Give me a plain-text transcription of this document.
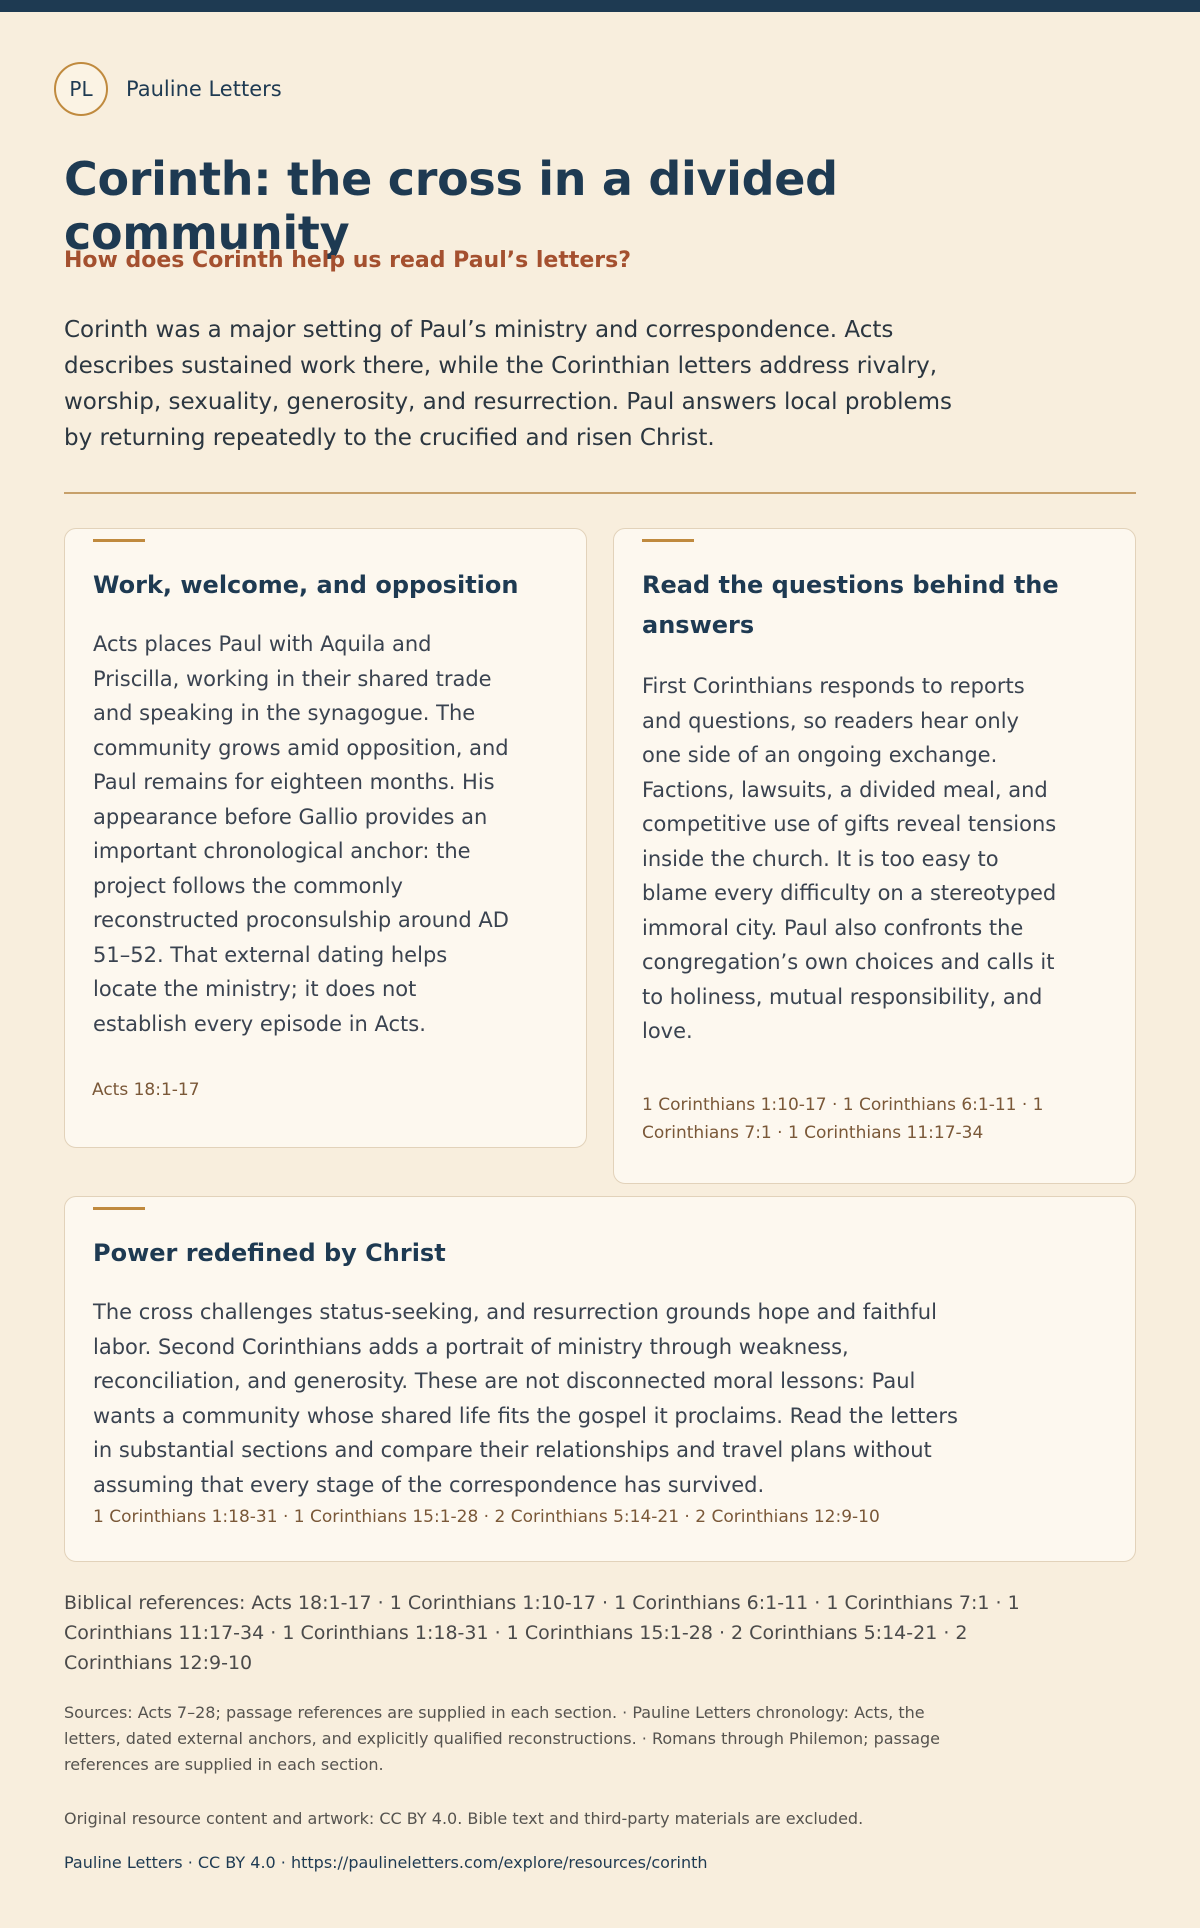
PL	Pauline Letters
Corinth: the cross in a divided community
How does Corinth help us read Paul’s letters?

Corinth was a major setting of Paul’s ministry and correspondence. Acts describes sustained work there, while the Corinthian letters address rivalry, worship, sexuality, generosity, and resurrection. Paul answers local problems by returning repeatedly to the crucified and risen Christ.

Work, welcome, and opposition

Acts places Paul with Aquila and Priscilla, working in their shared trade and speaking in the synagogue. The community grows amid opposition, and Paul remains for eighteen months. His appearance before Gallio provides an important chronological anchor: the project follows the commonly reconstructed proconsulship around AD 51–52. That external dating helps locate the ministry; it does not establish every episode in Acts.

Read the questions behind the answers

First Corinthians responds to reports and questions, so readers hear only one side of an ongoing exchange. Factions, lawsuits, a divided meal, and competitive use of gifts reveal tensions inside the church. It is too easy to blame every difficulty on a stereotyped immoral city. Paul also confronts the congregation’s own choices and calls it to holiness, mutual responsibility, and love.

1 Corinthians 1:10-17 · 1 Corinthians 6:1-11 · 1 Corinthians 7:1 · 1 Corinthians 11:17-34
Power redefined by Christ

The cross challenges status-seeking, and resurrection grounds hope and faithful labor. Second Corinthians adds a portrait of ministry through weakness, reconciliation, and generosity. These are not disconnected moral lessons: Paul wants a community whose shared life fits the gospel it proclaims. Read the letters in substantial sections and compare their relationships and travel plans without assuming that every stage of the correspondence has survived.

1 Corinthians 1:18-31 · 1 Corinthians 15:1-28 · 2 Corinthians 5:14-21 · 2 Corinthians 12:9-10
Acts 18:1-17
Biblical references: Acts 18:1-17 · 1 Corinthians 1:10-17 · 1 Corinthians 6:1-11 · 1 Corinthians 7:1 · 1 Corinthians 11:17-34 · 1 Corinthians 1:18-31 · 1 Corinthians 15:1-28 · 2 Corinthians 5:14-21 · 2 Corinthians 12:9-10
Sources: Acts 7–28; passage references are supplied in each section. · Pauline Letters chronology: Acts, the letters, dated external anchors, and explicitly qualified reconstructions. · Romans through Philemon; passage references are supplied in each section.
Original resource content and artwork: CC BY 4.0. Bible text and third-party materials are excluded.
Pauline Letters · CC BY 4.0 · https://paulineletters.com/explore/resources/corinth
